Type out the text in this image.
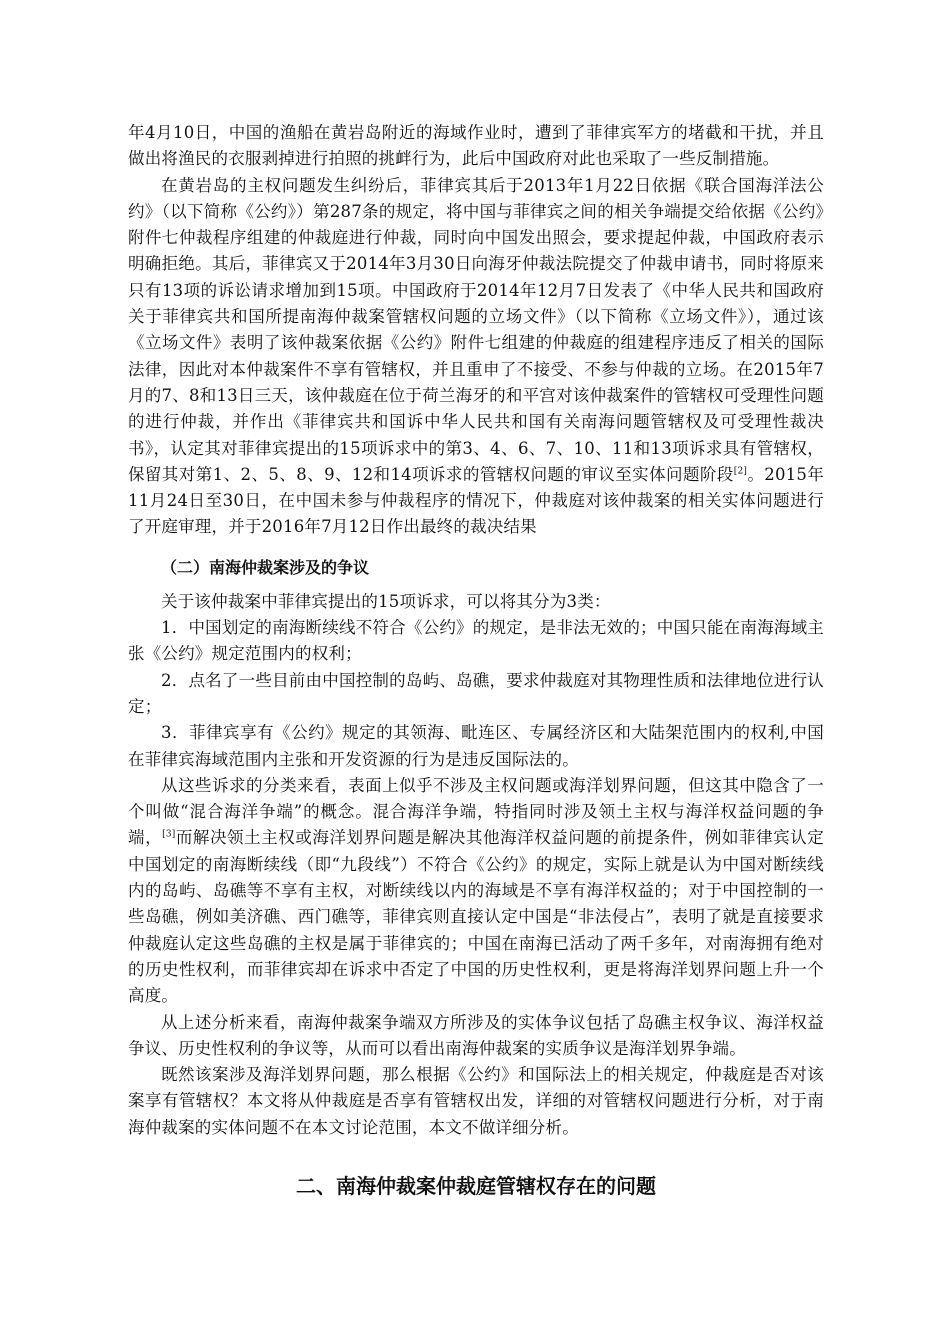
年4月10日，中国的渔船在黄岩岛附近的海域作业时，遭到了菲律宾军方的堵截和干扰，并且做出将渔民的衣服剥掉进行拍照的挑衅行为，此后中国政府对此也采取了一些反制措施。

在黄岩岛的主权问题发生纠纷后，菲律宾其后于2013年1月22日依据《联合国海洋法公约》（以下简称《公约》）第287条的规定，将中国与菲律宾之间的相关争端提交给依据《公约》附件七仲裁程序组建的仲裁庭进行仲裁，同时向中国发出照会，要求提起仲裁，中国政府表示明确拒绝。其后，菲律宾又于2014年3月30日向海牙仲裁法院提交了仲裁申请书，同时将原来只有13项的诉讼请求增加到15项。中国政府于2014年12月7日发表了《中华人民共和国政府关于菲律宾共和国所提南海仲裁案管辖权问题的立场文件》（以下简称《立场文件》），通过该《立场文件》表明了该仲裁案依据《公约》附件七组建的仲裁庭的组建程序违反了相关的国际法律，因此对本仲裁案件不享有管辖权，并且重申了不接受、不参与仲裁的立场。在2015年7月的7、8和13日三天，该仲裁庭在位于荷兰海牙的和平宫对该仲裁案件的管辖权可受理性问题的进行仲裁，并作出《菲律宾共和国诉中华人民共和国有关南海问题管辖权及可受理性裁决书》，认定其对菲律宾提出的15项诉求中的第3、4、6、7、10、11和13项诉求具有管辖权，保留其对第1、2、5、8、9、12和14项诉求的管辖权问题的审议至实体问题阶段[2]。2015年11月24日至30日，在中国未参与仲裁程序的情况下，仲裁庭对该仲裁案的相关实体问题进行了开庭审理，并于2016年7月12日作出最终的裁决结果

（二）南海仲裁案涉及的争议

关于该仲裁案中菲律宾提出的15项诉求，可以将其分为3类：

1．中国划定的南海断续线不符合《公约》的规定，是非法无效的；中国只能在南海海域主张《公约》规定范围内的权利；

2．点名了一些目前由中国控制的岛屿、岛礁，要求仲裁庭对其物理性质和法律地位进行认定；

3．菲律宾享有《公约》规定的其领海、毗连区、专属经济区和大陆架范围内的权利,中国在菲律宾海域范围内主张和开发资源的行为是违反国际法的。

从这些诉求的分类来看，表面上似乎不涉及主权问题或海洋划界问题，但这其中隐含了一个叫做“混合海洋争端”的概念。混合海洋争端，特指同时涉及领土主权与海洋权益问题的争端，[3]而解决领土主权或海洋划界问题是解决其他海洋权益问题的前提条件，例如菲律宾认定中国划定的南海断续线（即“九段线”）不符合《公约》的规定，实际上就是认为中国对断续线内的岛屿、岛礁等不享有主权，对断续线以内的海域是不享有海洋权益的；对于中国控制的一些岛礁，例如美济礁、西门礁等，菲律宾则直接认定中国是“非法侵占”，表明了就是直接要求仲裁庭认定这些岛礁的主权是属于菲律宾的；中国在南海已活动了两千多年，对南海拥有绝对的历史性权利，而菲律宾却在诉求中否定了中国的历史性权利，更是将海洋划界问题上升一个高度。

从上述分析来看，南海仲裁案争端双方所涉及的实体争议包括了岛礁主权争议、海洋权益争议、历史性权利的争议等，从而可以看出南海仲裁案的实质争议是海洋划界争端。

既然该案涉及海洋划界问题，那么根据《公约》和国际法上的相关规定，仲裁庭是否对该案享有管辖权？本文将从仲裁庭是否享有管辖权出发，详细的对管辖权问题进行分析，对于南海仲裁案的实体问题不在本文讨论范围，本文不做详细分析。

二、南海仲裁案仲裁庭管辖权存在的问题
